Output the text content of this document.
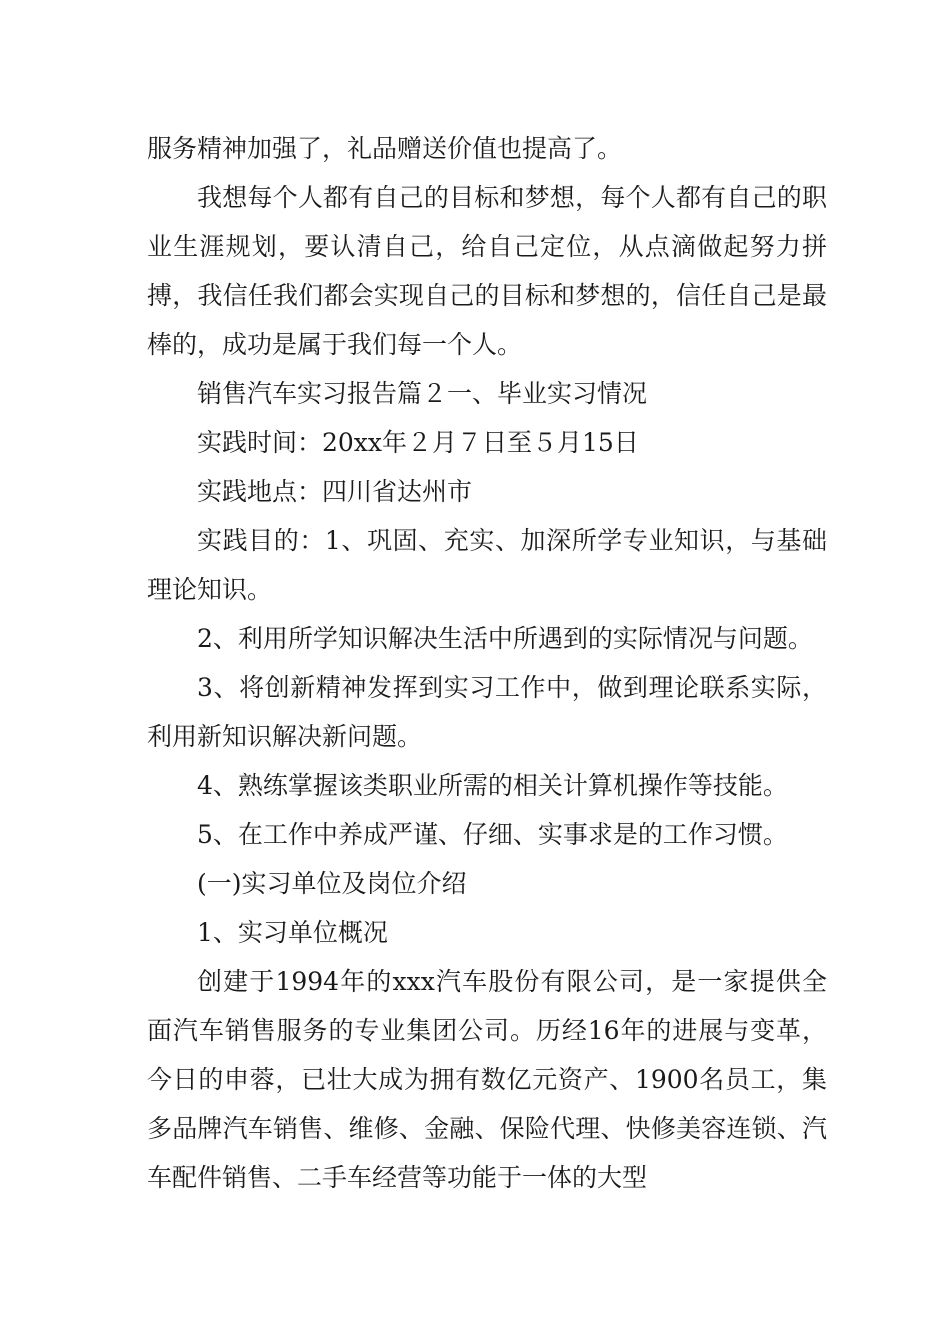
服务精神加强了，礼品赠送价值也提高了。

我想每个人都有自己的目标和梦想，每个人都有自己的职业生涯规划，要认清自己，给自己定位，从点滴做起努力拼搏，我信任我们都会实现自己的目标和梦想的，信任自己是最棒的，成功是属于我们每一个人。

销售汽车实习报告篇２一、毕业实习情况

实践时间：20xx年２月７日至５月15日

实践地点：四川省达州市

实践目的：1、巩固、充实、加深所学专业知识，与基础理论知识。

2、利用所学知识解决生活中所遇到的实际情况与问题。

3、将创新精神发挥到实习工作中，做到理论联系实际，利用新知识解决新问题。

4、熟练掌握该类职业所需的相关计算机操作等技能。

5、在工作中养成严谨、仔细、实事求是的工作习惯。

(一)实习单位及岗位介绍

1、实习单位概况

创建于1994年的xxx汽车股份有限公司，是一家提供全面汽车销售服务的专业集团公司。历经16年的进展与变革，今日的申蓉，已壮大成为拥有数亿元资产、1900名员工，集多品牌汽车销售、维修、金融、保险代理、快修美容连锁、汽车配件销售、二手车经营等功能于一体的大型
